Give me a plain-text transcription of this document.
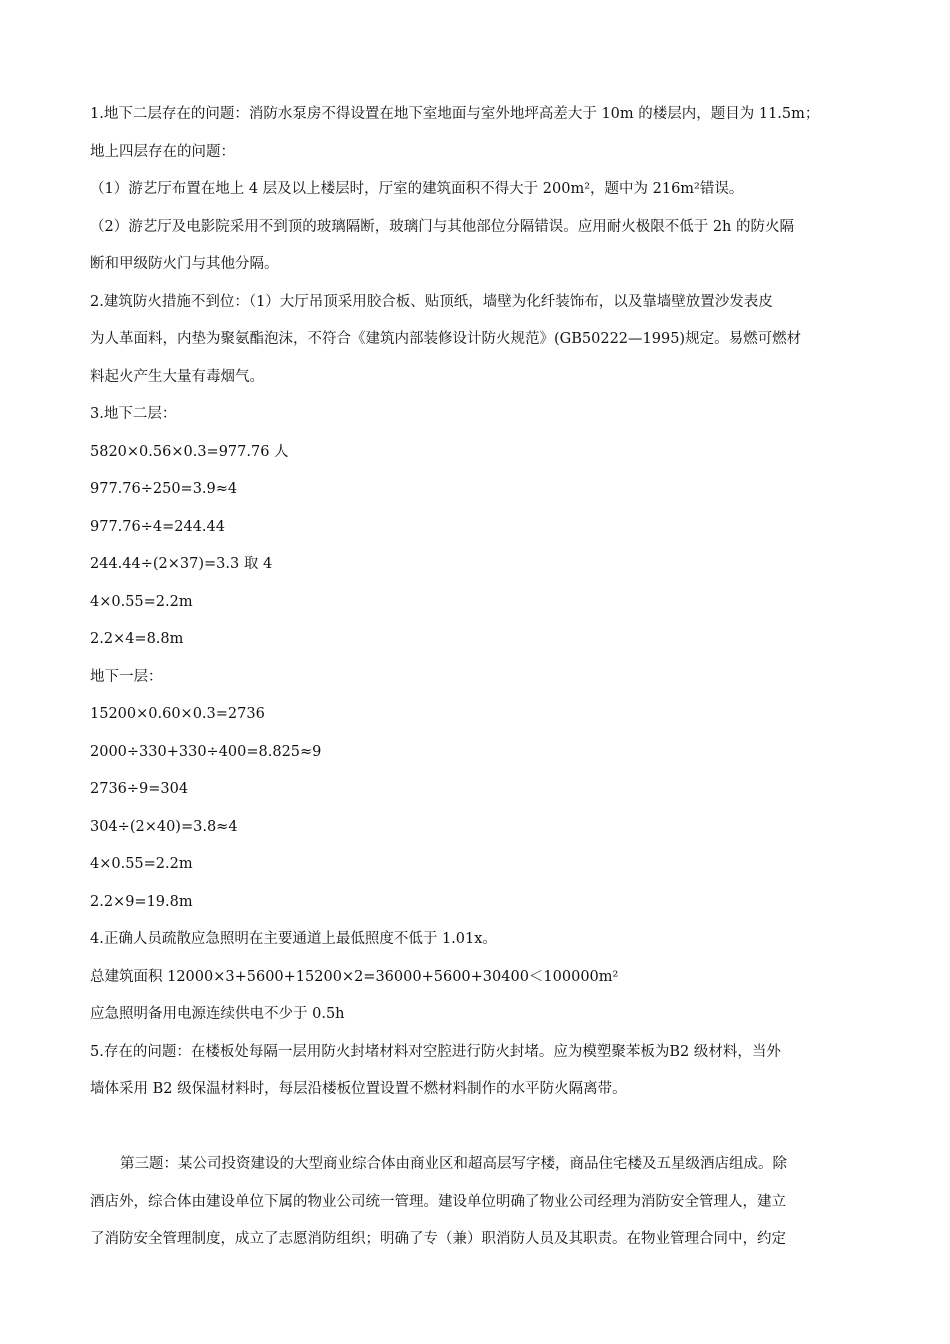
1.地下二层存在的问题：消防水泵房不得设置在地下室地面与室外地坪高差大于 10m 的楼层内，题目为 11.5m；

地上四层存在的问题：

（1）游艺厅布置在地上 4 层及以上楼层时，厅室的建筑面积不得大于 200m²，题中为 216m²错误。

（2）游艺厅及电影院采用不到顶的玻璃隔断，玻璃门与其他部位分隔错误。应用耐火极限不低于 2h 的防火隔

断和甲级防火门与其他分隔。

2.建筑防火措施不到位：（1）大厅吊顶采用胶合板、贴顶纸，墙壁为化纤装饰布，以及靠墙壁放置沙发表皮

为人革面料，内垫为聚氨酯泡沫，不符合《建筑内部装修设计防火规范》(GB50222—1995)规定。易燃可燃材

料起火产生大量有毒烟气。

3.地下二层：

5820×0.56×0.3=977.76 人

977.76÷250=3.9≈4

977.76÷4=244.44

244.44÷(2×37)=3.3 取 4

4×0.55=2.2m

2.2×4=8.8m

地下一层：

15200×0.60×0.3=2736

2000÷330+330÷400=8.825≈9

2736÷9=304

304÷(2×40)=3.8≈4

4×0.55=2.2m

2.2×9=19.8m

4.正确人员疏散应急照明在主要通道上最低照度不低于 1.01x。

总建筑面积 12000×3+5600+15200×2=36000+5600+30400＜100000m²

应急照明备用电源连续供电不少于 0.5h

5.存在的问题：在楼板处每隔一层用防火封堵材料对空腔进行防火封堵。应为模塑聚苯板为B2 级材料，当外

墙体采用 B2 级保温材料时，每层沿楼板位置设置不燃材料制作的水平防火隔离带。

第三题：某公司投资建设的大型商业综合体由商业区和超高层写字楼，商品住宅楼及五星级酒店组成。除

酒店外，综合体由建设单位下属的物业公司统一管理。建设单位明确了物业公司经理为消防安全管理人，建立

了消防安全管理制度，成立了志愿消防组织；明确了专（兼）职消防人员及其职责。在物业管理合同中，约定
